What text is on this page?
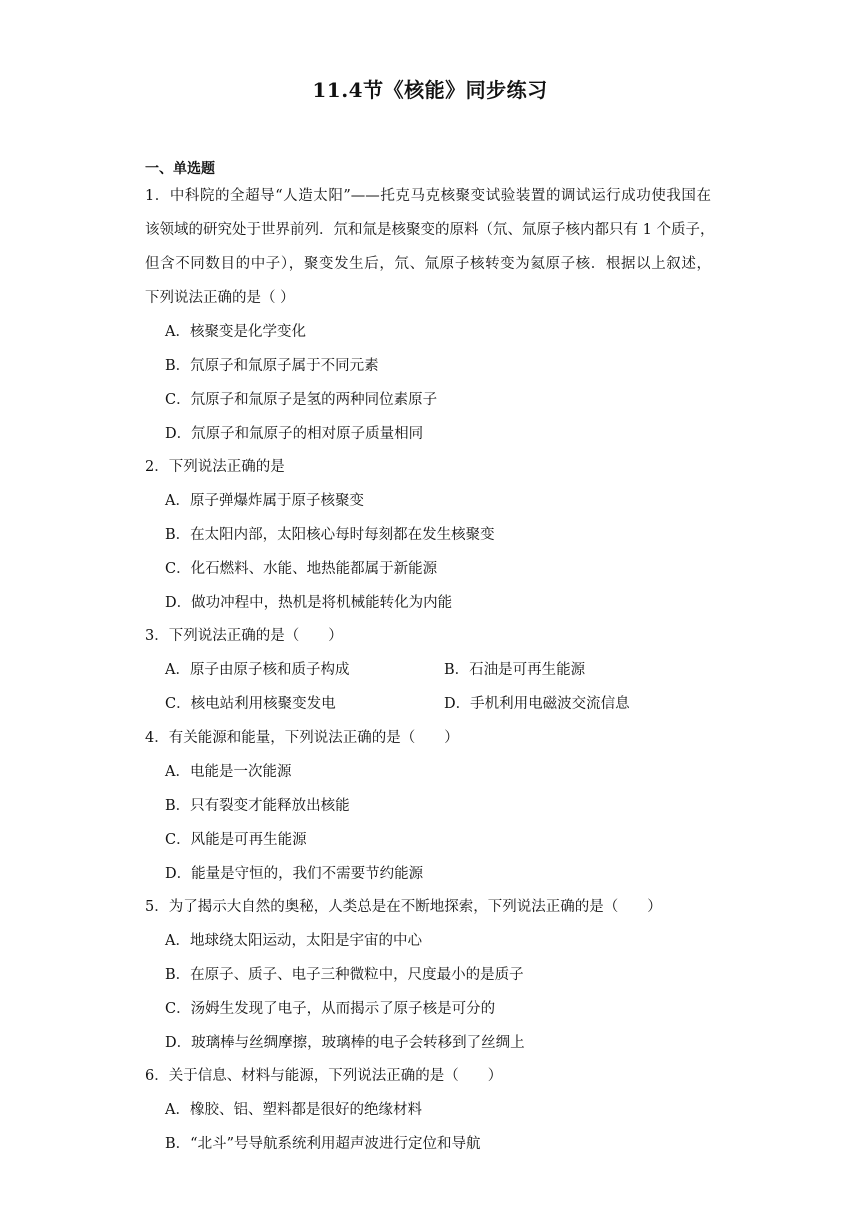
11.4节《核能》同步练习
一、单选题
1．中科院的全超导“人造太阳”——托克马克核聚变试验装置的调试运行成功使我国在
该领域的研究处于世界前列．氘和氚是核聚变的原料（氘、氚原子核内都只有 1 个质子，
但含不同数目的中子），聚变发生后，氘、氚原子核转变为氦原子核．根据以上叙述，
下列说法正确的是（ ）
A．核聚变是化学变化
B．氘原子和氚原子属于不同元素
C．氘原子和氚原子是氢的两种同位素原子
D．氘原子和氚原子的相对原子质量相同
2．下列说法正确的是
A．原子弹爆炸属于原子核聚变
B．在太阳内部，太阳核心每时每刻都在发生核聚变
C．化石燃料、水能、地热能都属于新能源
D．做功冲程中，热机是将机械能转化为内能
3．下列说法正确的是（　　）
A．原子由原子核和质子构成	B．石油是可再生能源
C．核电站利用核聚变发电	D．手机利用电磁波交流信息
4．有关能源和能量，下列说法正确的是（　　）
A．电能是一次能源
B．只有裂变才能释放出核能
C．风能是可再生能源
D．能量是守恒的，我们不需要节约能源
5．为了揭示大自然的奥秘，人类总是在不断地探索，下列说法正确的是（　　）
A．地球绕太阳运动，太阳是宇宙的中心
B．在原子、质子、电子三种微粒中，尺度最小的是质子
C．汤姆生发现了电子，从而揭示了原子核是可分的
D．玻璃棒与丝绸摩擦，玻璃棒的电子会转移到了丝绸上
6．关于信息、材料与能源，下列说法正确的是（　　）
A．橡胶、铝、塑料都是很好的绝缘材料
B．“北斗”号导航系统利用超声波进行定位和导航
